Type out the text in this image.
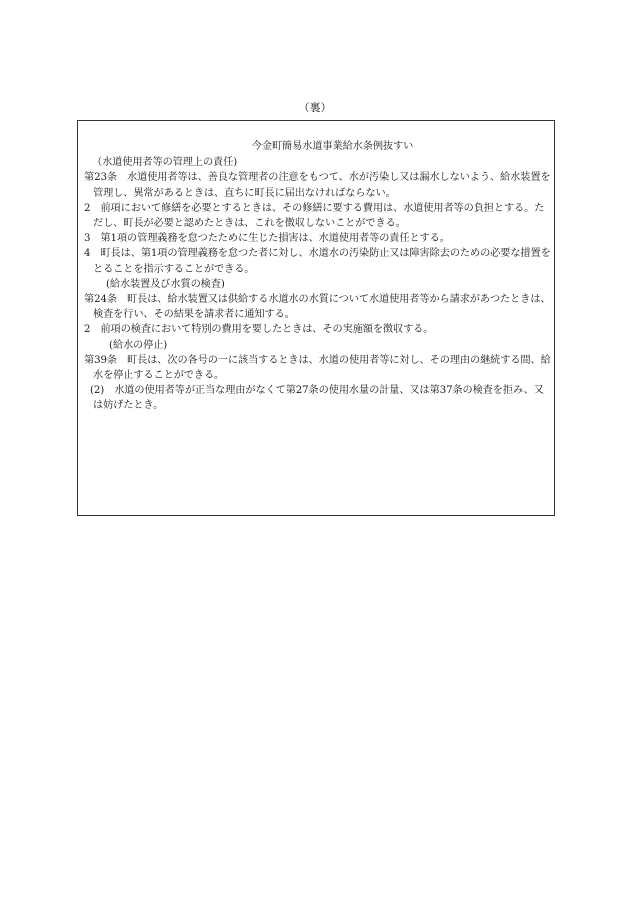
（裏）
今金町簡易水道事業給水条例抜すい
（水道使用者等の管理上の責任)
第23条　水道使用者等は、善良な管理者の注意をもつて、水が汚染し又は漏水しないよう、給水装置を管理し、異常があるときは、直ちに町長に届出なければならない。
2　前項において修繕を必要とするときは、その修繕に要する費用は、水道使用者等の負担とする。ただし、町長が必要と認めたときは、これを徴収しないことができる。
3　第1項の管理義務を怠つたために生じた損害は、水道使用者等の責任とする。
4　町長は、第1項の管理義務を怠つた者に対し、水道水の汚染防止又は障害除去のための必要な措置をとることを指示することができる。
(給水装置及び水質の検査)
第24条　町長は、給水装置又は供給する水道水の水質について水道使用者等から請求があつたときは、検査を行い、その結果を請求者に通知する。
2　前項の検査において特別の費用を要したときは、その実施額を徴収する。
(給水の停止)
第39条　町長は、次の各号の一に該当するときは、水道の使用者等に対し、その理由の継続する間、給水を停止することができる。
(2)　水道の使用者等が正当な理由がなくて第27条の使用水量の計量、又は第37条の検査を拒み、又は妨げたとき。
